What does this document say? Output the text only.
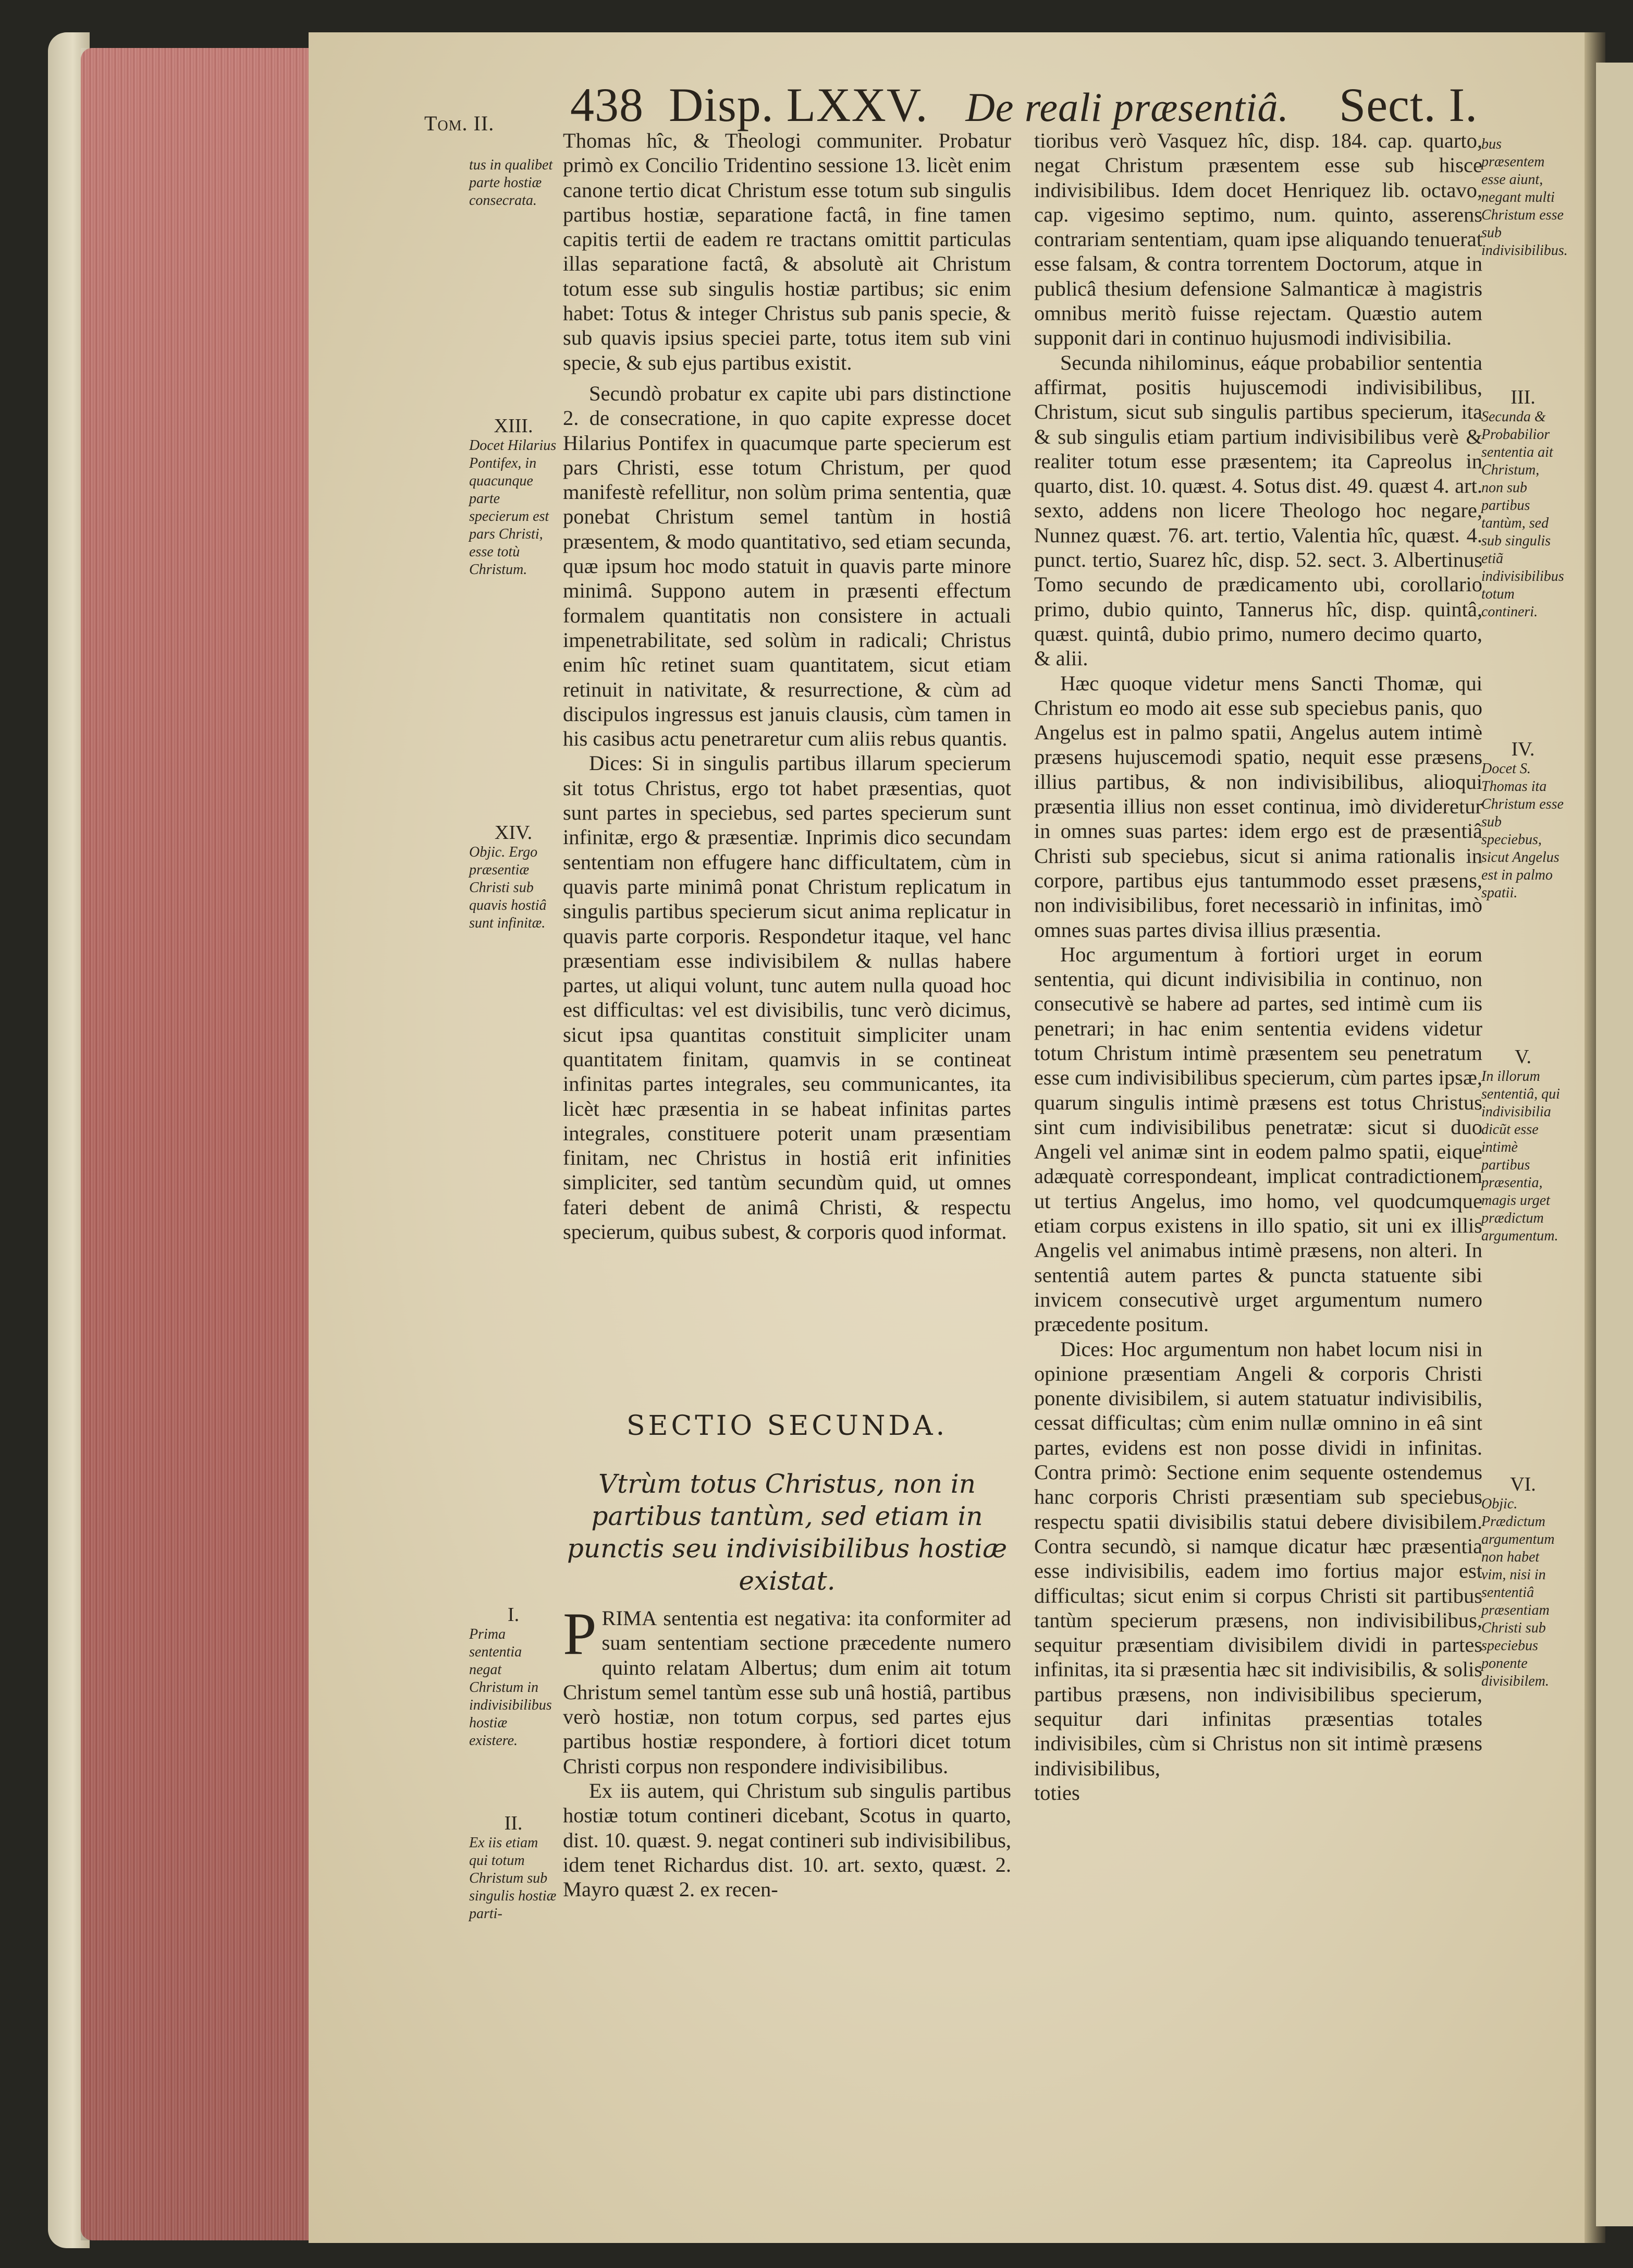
Tom. II. 438 Disp. LXXV. De reali præsentiâ. Sect. I.

Thomas hîc, & Theologi communiter. Probatur primò ex Concilio Tridentino sessione 13. licèt enim canone tertio dicat Christum esse totum sub singulis partibus hostiæ, separatione factâ, in fine tamen capitis tertii de eadem re tractans omittit particulas illas separatione factâ, & absolutè ait Christum totum esse sub singulis hostiæ partibus; sic enim habet: Totus & integer Christus sub panis specie, & sub quavis ipsius speciei parte, totus item sub vini specie, & sub ejus partibus existit.

Secundò probatur ex capite ubi pars distinctione 2. de consecratione, in quo capite expresse docet Hilarius Pontifex in quacumque parte specierum est pars Christi, esse totum Christum, per quod manifestè refellitur, non solùm prima sententia, quæ ponebat Christum semel tantùm in hostiâ præsentem, & modo quantitativo, sed etiam secunda, quæ ipsum hoc modo statuit in quavis parte minore minimâ. Suppono autem in præsenti effectum formalem quantitatis non consistere in actuali impenetrabilitate, sed solùm in radicali; Christus enim hîc retinet suam quantitatem, sicut etiam retinuit in nativitate, & resurrectione, & cùm ad discipulos ingressus est januis clausis, cùm tamen in his casibus actu penetraretur cum aliis rebus quantis.

Dices: Si in singulis partibus illarum specierum sit totus Christus, ergo tot habet præsentias, quot sunt partes in speciebus, sed partes specierum sunt infinitæ, ergo & præsentiæ. Inprimis dico secundam sententiam non effugere hanc difficultatem, cùm in quavis parte minimâ ponat Christum replicatum in singulis partibus specierum sicut anima replicatur in quavis parte corporis. Respondetur itaque, vel hanc præsentiam esse indivisibilem & nullas habere partes, ut aliqui volunt, tunc autem nulla quoad hoc est difficultas: vel est divisibilis, tunc verò dicimus, sicut ipsa quantitas constituit simpliciter unam quantitatem finitam, quamvis in se contineat infinitas partes integrales, seu communicantes, ita licèt hæc præsentia in se habeat infinitas partes integrales, constituere poterit unam præsentiam finitam, nec Christus in hostiâ erit infinities simpliciter, sed tantùm secundùm quid, ut omnes fateri debent de animâ Christi, & respectu specierum, quibus subest, & corporis quod informat.

SECTIO SECUNDA.
Vtrùm totus Christus, non in partibus tantùm, sed etiam in punctis seu indivisibilibus hostiæ existat.

PRIMA sententia est negativa: ita conformiter ad suam sententiam sectione præcedente numero quinto relatam Albertus; dum enim ait totum Christum semel tantùm esse sub unâ hostiâ, partibus verò hostiæ, non totum corpus, sed partes ejus partibus hostiæ respondere, à fortiori dicet totum Christi corpus non respondere indivisibilibus.

Ex iis autem, qui Christum sub singulis partibus hostiæ totum contineri dicebant, Scotus in quarto, dist. 10. quæst. 9. negat contineri sub indivisibilibus, idem tenet Richardus dist. 10. art. sexto, quæst. 2. Mayro quæst 2. ex recen-

tioribus verò Vasquez hîc, disp. 184. cap. quarto, negat Christum præsentem esse sub hisce indivisibilibus. Idem docet Henriquez lib. octavo, cap. vigesimo septimo, num. quinto, asserens contrariam sententiam, quam ipse aliquando tenuerat esse falsam, & contra torrentem Doctorum, atque in publicâ thesium defensione Salmanticæ à magistris omnibus meritò fuisse rejectam. Quæstio autem supponit dari in continuo hujusmodi indivisibilia.

Secunda nihilominus, eáque probabilior sententia affirmat, positis hujuscemodi indivisibilibus, Christum, sicut sub singulis partibus specierum, ita & sub singulis etiam partium indivisibilibus verè & realiter totum esse præsentem; ita Capreolus in quarto, dist. 10. quæst. 4. Sotus dist. 49. quæst 4. art. sexto, addens non licere Theologo hoc negare, Nunnez quæst. 76. art. tertio, Valentia hîc, quæst. 4. punct. tertio, Suarez hîc, disp. 52. sect. 3. Albertinus Tomo secundo de prædicamento ubi, corollario primo, dubio quinto, Tannerus hîc, disp. quintâ, quæst. quintâ, dubio primo, numero decimo quarto, & alii.

Hæc quoque videtur mens Sancti Thomæ, qui Christum eo modo ait esse sub speciebus panis, quo Angelus est in palmo spatii, Angelus autem intimè præsens hujuscemodi spatio, nequit esse præsens illius partibus, & non indivisibilibus, alioqui præsentia illius non esset continua, imò divideretur in omnes suas partes: idem ergo est de præsentiâ Christi sub speciebus, sicut si anima rationalis in corpore, partibus ejus tantummodo esset præsens, non indivisibilibus, foret necessariò in infinitas, imò omnes suas partes divisa illius præsentia.

Hoc argumentum à fortiori urget in eorum sententia, qui dicunt indivisibilia in continuo, non consecutivè se habere ad partes, sed intimè cum iis penetrari; in hac enim sententia evidens videtur totum Christum intimè præsentem seu penetratum esse cum indivisibilibus specierum, cùm partes ipsæ, quarum singulis intimè præsens est totus Christus sint cum indivisibilibus penetratæ: sicut si duo Angeli vel animæ sint in eodem palmo spatii, eique adæquatè correspondeant, implicat contradictionem ut tertius Angelus, imo homo, vel quodcumque etiam corpus existens in illo spatio, sit uni ex illis Angelis vel animabus intimè præsens, non alteri. In sententiâ autem partes & puncta statuente sibi invicem consecutivè urget argumentum numero præcedente positum.

Dices: Hoc argumentum non habet locum nisi in opinione præsentiam Angeli & corporis Christi ponente divisibilem, si autem statuatur indivisibilis, cessat difficultas; cùm enim nullæ omnino in eâ sint partes, evidens est non posse dividi in infinitas. Contra primò: Sectione enim sequente ostendemus hanc corporis Christi præsentiam sub speciebus respectu spatii divisibilis statui debere divisibilem. Contra secundò, si namque dicatur hæc præsentia esse indivisibilis, eadem imo fortius major est difficultas; sicut enim si corpus Christi sit partibus tantùm specierum præsens, non indivisibilibus, sequitur præsentiam divisibilem dividi in partes infinitas, ita si præsentia hæc sit indivisibilis, & solis partibus præsens, non indivisibilibus specierum, sequitur dari infinitas præsentias totales indivisibiles, cùm si Christus non sit intimè præsens indivisibilibus,

toties

tus in qualibet parte hostiæ consecrata.
XIII.
Docet Hilarius Pontifex, in quacunque parte specierum est pars Christi, esse totù Christum.
XIV.
Objic. Ergo præsentiæ Christi sub quavis hostiâ sunt infinitæ.
I.
Prima sententia negat Christum in indivisibilibus hostiæ existere.
II.
Ex iis etiam qui totum Christum sub singulis hostiæ parti-
bus præsentem esse aiunt, negant multi Christum esse sub indivisibilibus.
III.
Secunda & Probabilior sententia ait Christum, non sub partibus tantùm, sed sub singulis etiã indivisibilibus totum contineri.
IV.
Docet S. Thomas ita Christum esse sub speciebus, sicut Angelus est in palmo spatii.
V.
In illorum sententiâ, qui indivisibilia dicũt esse intimè partibus præsentia, magis urget prædictum argumentum.
VI.
Objic. Prædictum argumentum non habet vim, nisi in sententiâ præsentiam Christi sub speciebus ponente divisibilem.
